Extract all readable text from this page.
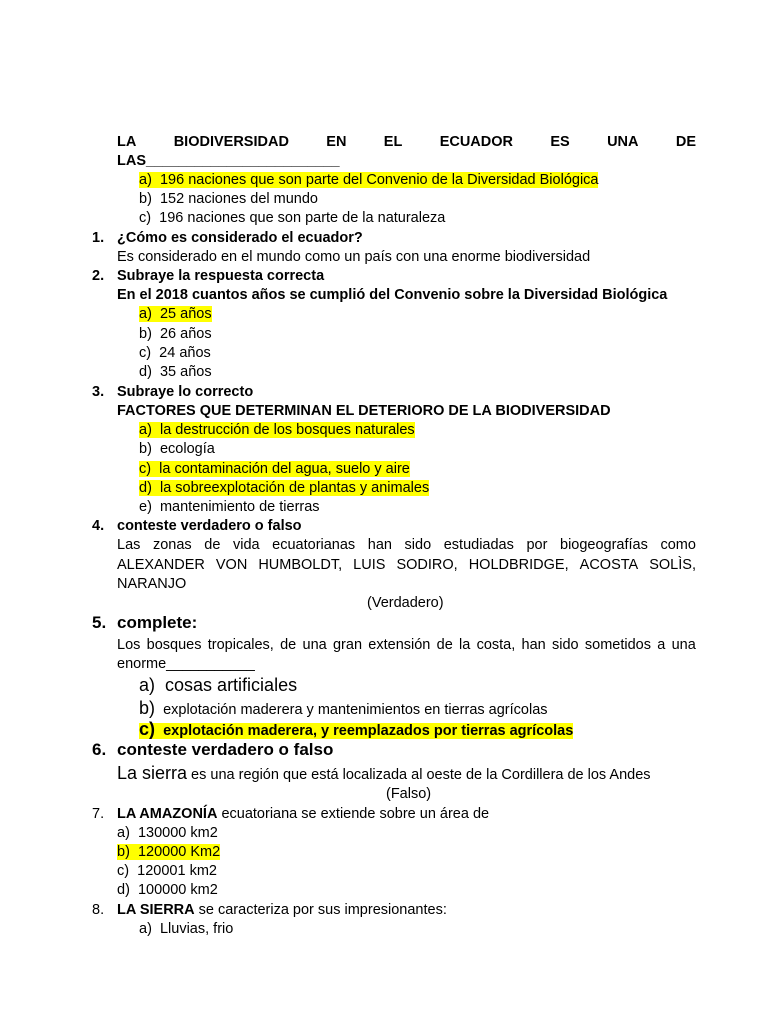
LA	BIODIVERSIDAD	EN	EL	ECUADOR	ES	UNA	DE
LAS________________________
a) 196 naciones que son parte del Convenio de la Diversidad Biológica
b) 152 naciones del mundo
c) 196 naciones que son parte de la naturaleza
1. ¿Cómo es considerado el ecuador?
Es considerado en el mundo como un país con una enorme biodiversidad
2. Subraye la respuesta correcta
En el 2018 cuantos años se cumplió del Convenio sobre la Diversidad Biológica
a) 25 años
b) 26 años
c) 24 años
d) 35 años
3. Subraye lo correcto
FACTORES QUE DETERMINAN EL DETERIORO DE LA BIODIVERSIDAD
a) la destrucción de los bosques naturales
b) ecología
c) la contaminación del agua, suelo y aire
d) la sobreexplotación de plantas y animales
e) mantenimiento de tierras
4. conteste verdadero o falso
Las zonas de vida ecuatorianas han sido estudiadas por biogeografías como
ALEXANDER VON HUMBOLDT, LUIS SODIRO, HOLDBRIDGE, ACOSTA SOLÌS,
NARANJO
(Verdadero)
5. complete:
Los bosques tropicales, de una gran extensión de la costa, han sido sometidos a una
enorme___________
a) cosas artificiales
b) explotación maderera y mantenimientos en tierras agrícolas
c) explotación maderera, y reemplazados por tierras agrícolas
6. conteste verdadero o falso
La sierra es una región que está localizada al oeste de la Cordillera de los Andes
(Falso)
7. LA AMAZONÍA ecuatoriana se extiende sobre un área de
a) 130000 km2
b) 120000 Km2
c) 120001 km2
d) 100000 km2
8. LA SIERRA se caracteriza por sus impresionantes:
a) Lluvias, frio
